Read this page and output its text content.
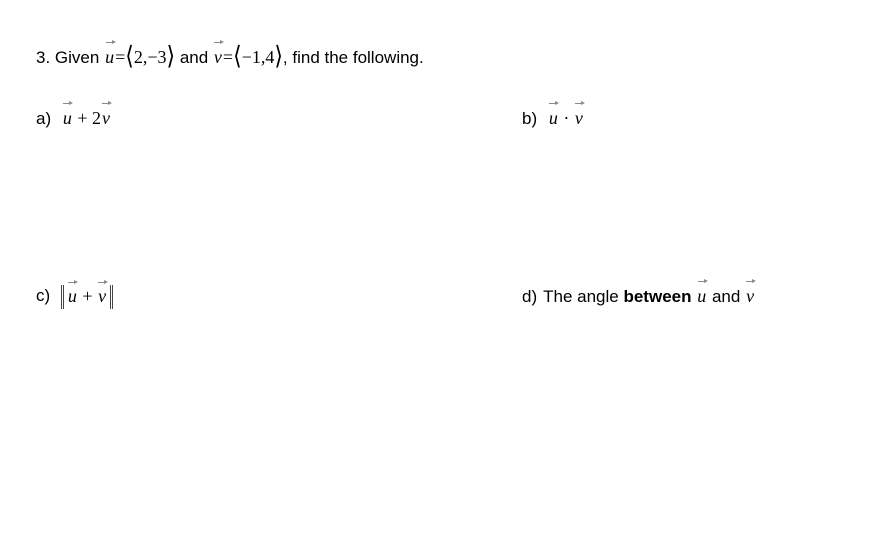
3. Given u=⟨2,−3⟩ and v=⟨−1,4⟩, find the following.
a) u + 2v	b) u · v
c) u + v	d) The angle between u and v
